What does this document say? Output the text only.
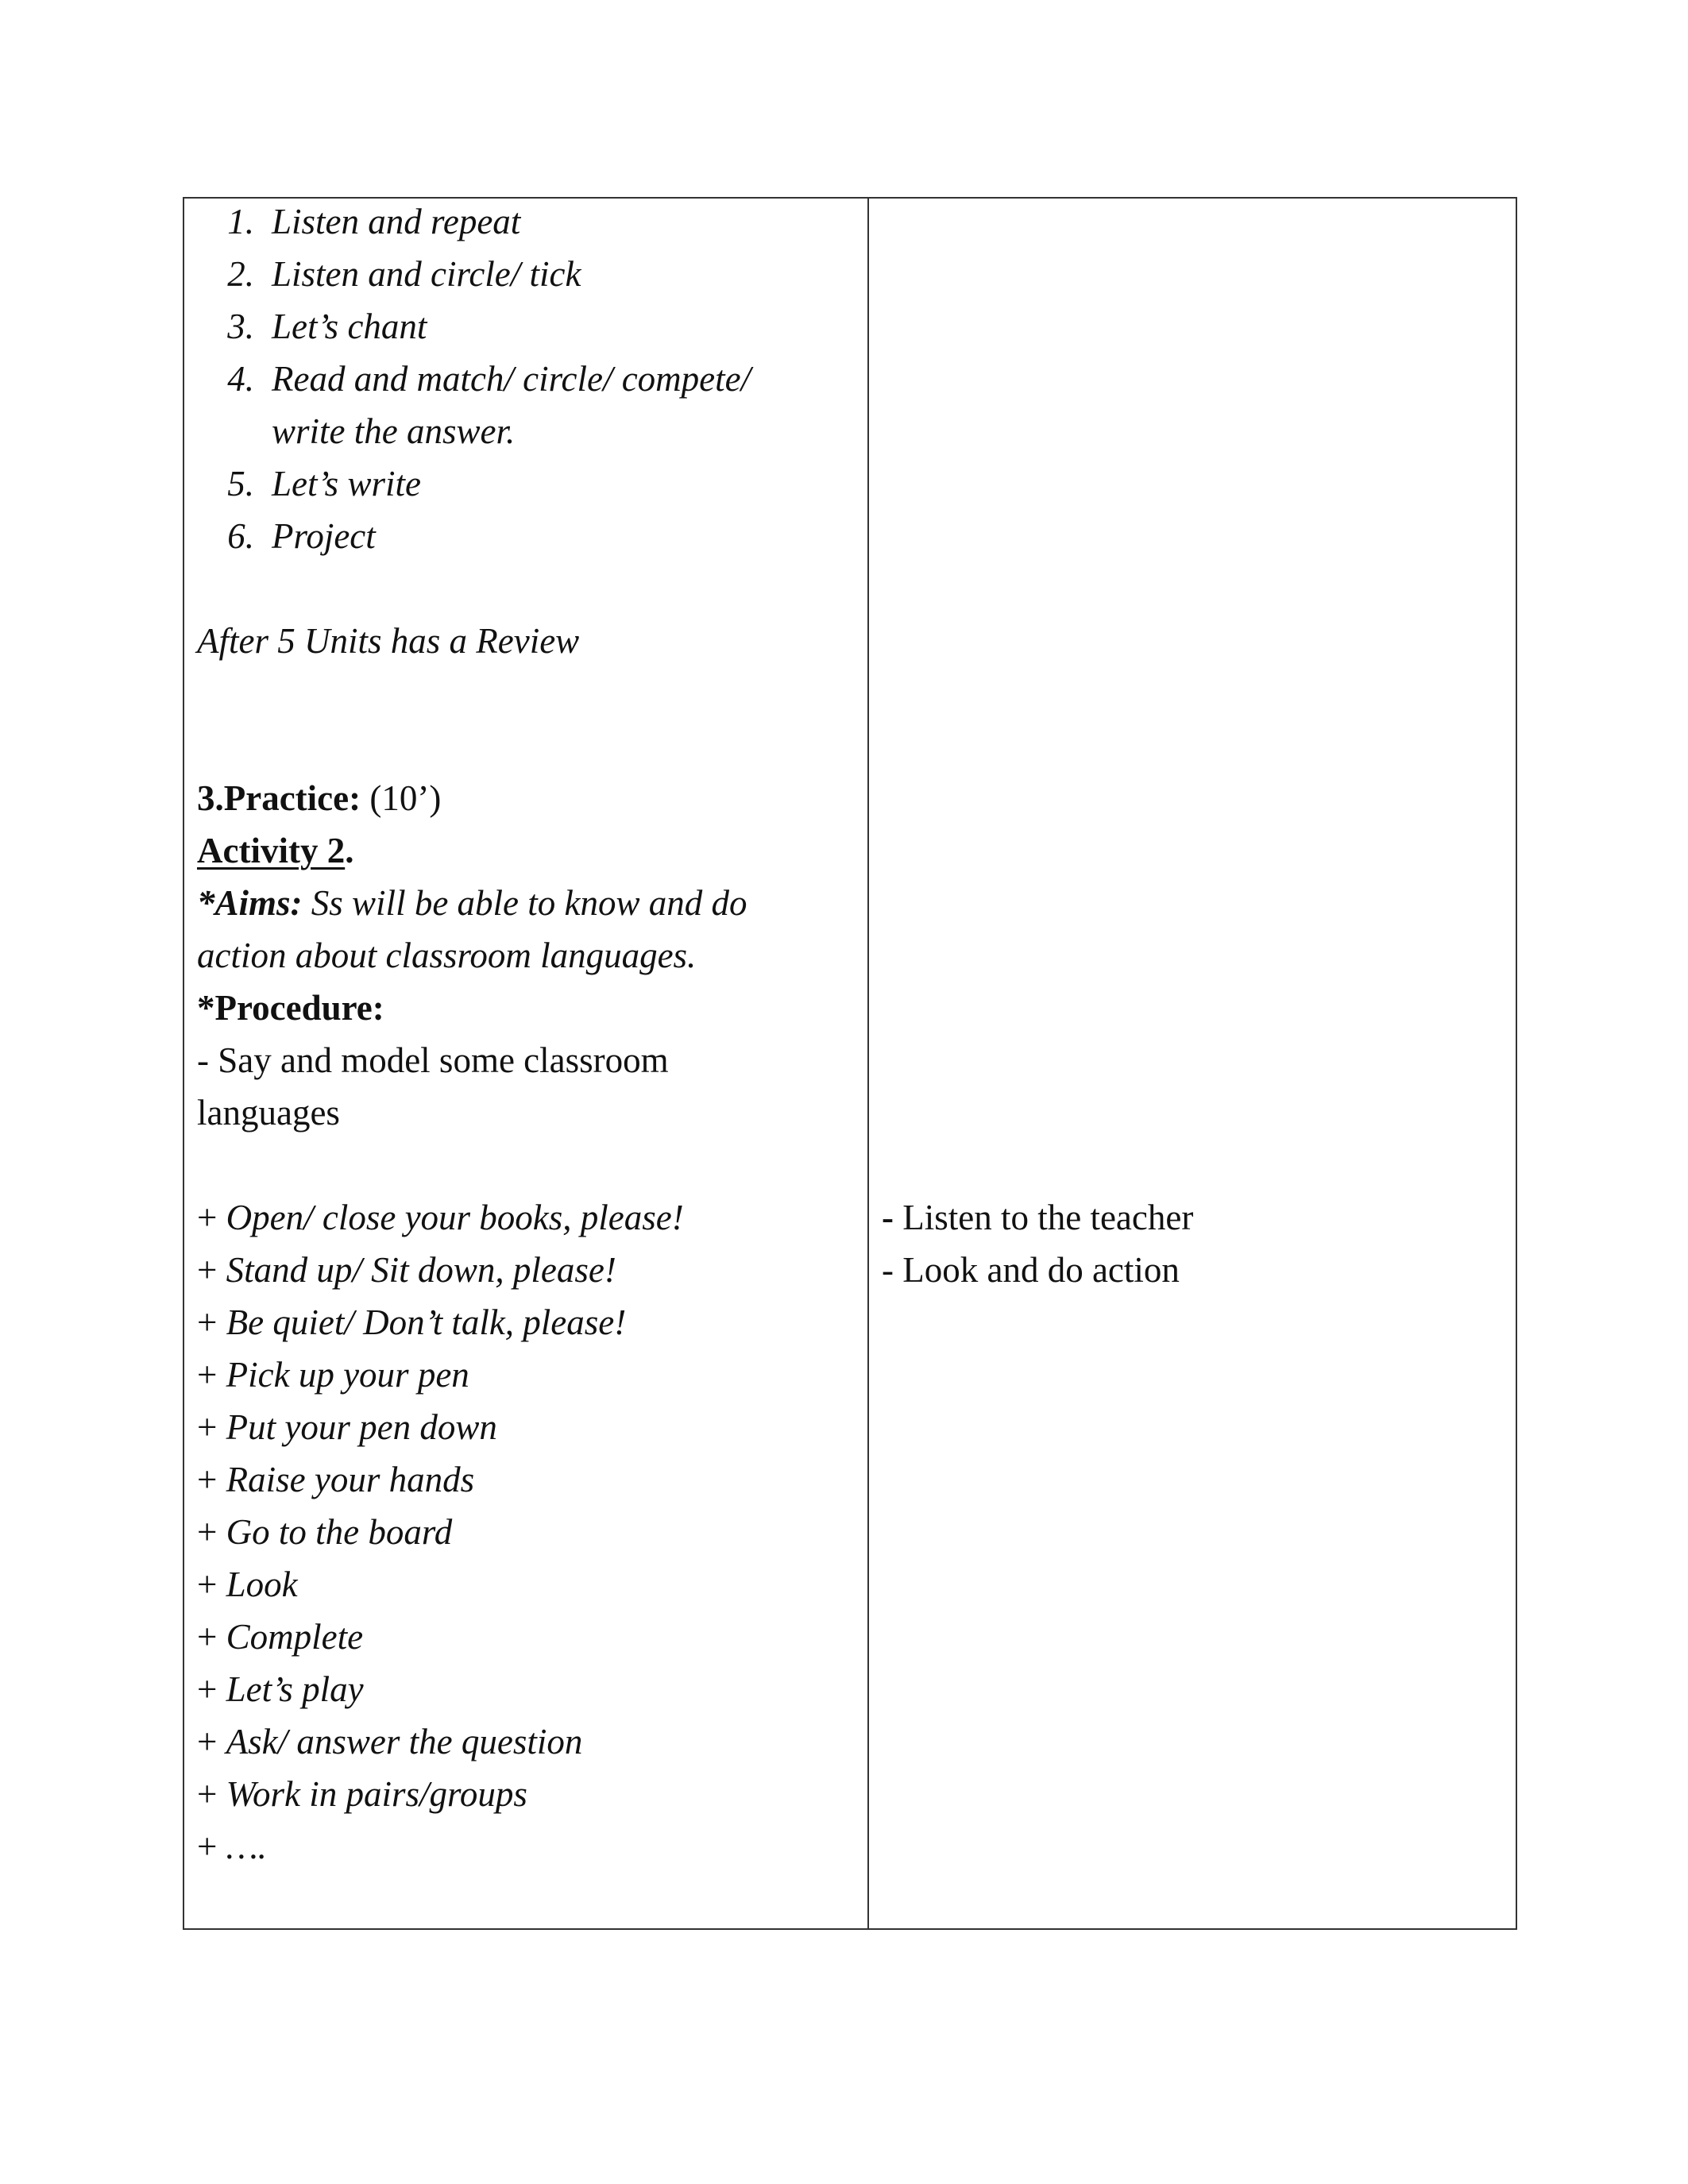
1. Listen and repeat
2. Listen and circle/ tick
3. Let’s chant
4. Read and match/ circle/ compete/
write the answer.
5. Let’s write
6. Project
After 5 Units has a Review
3.Practice: (10’)
Activity 2.
*Aims: Ss will be able to know and do
action about classroom languages.
*Procedure:
- Say and model some classroom
languages
+ Open/ close your books, please!
+ Stand up/ Sit down, please!
+ Be quiet/ Don’t talk, please!
+ Pick up your pen
+ Put your pen down
+ Raise your hands
+ Go to the board
+ Look
+ Complete
+ Let’s play
+ Ask/ answer the question
+ Work in pairs/groups
+ ….
- Listen to the teacher
- Look and do action
